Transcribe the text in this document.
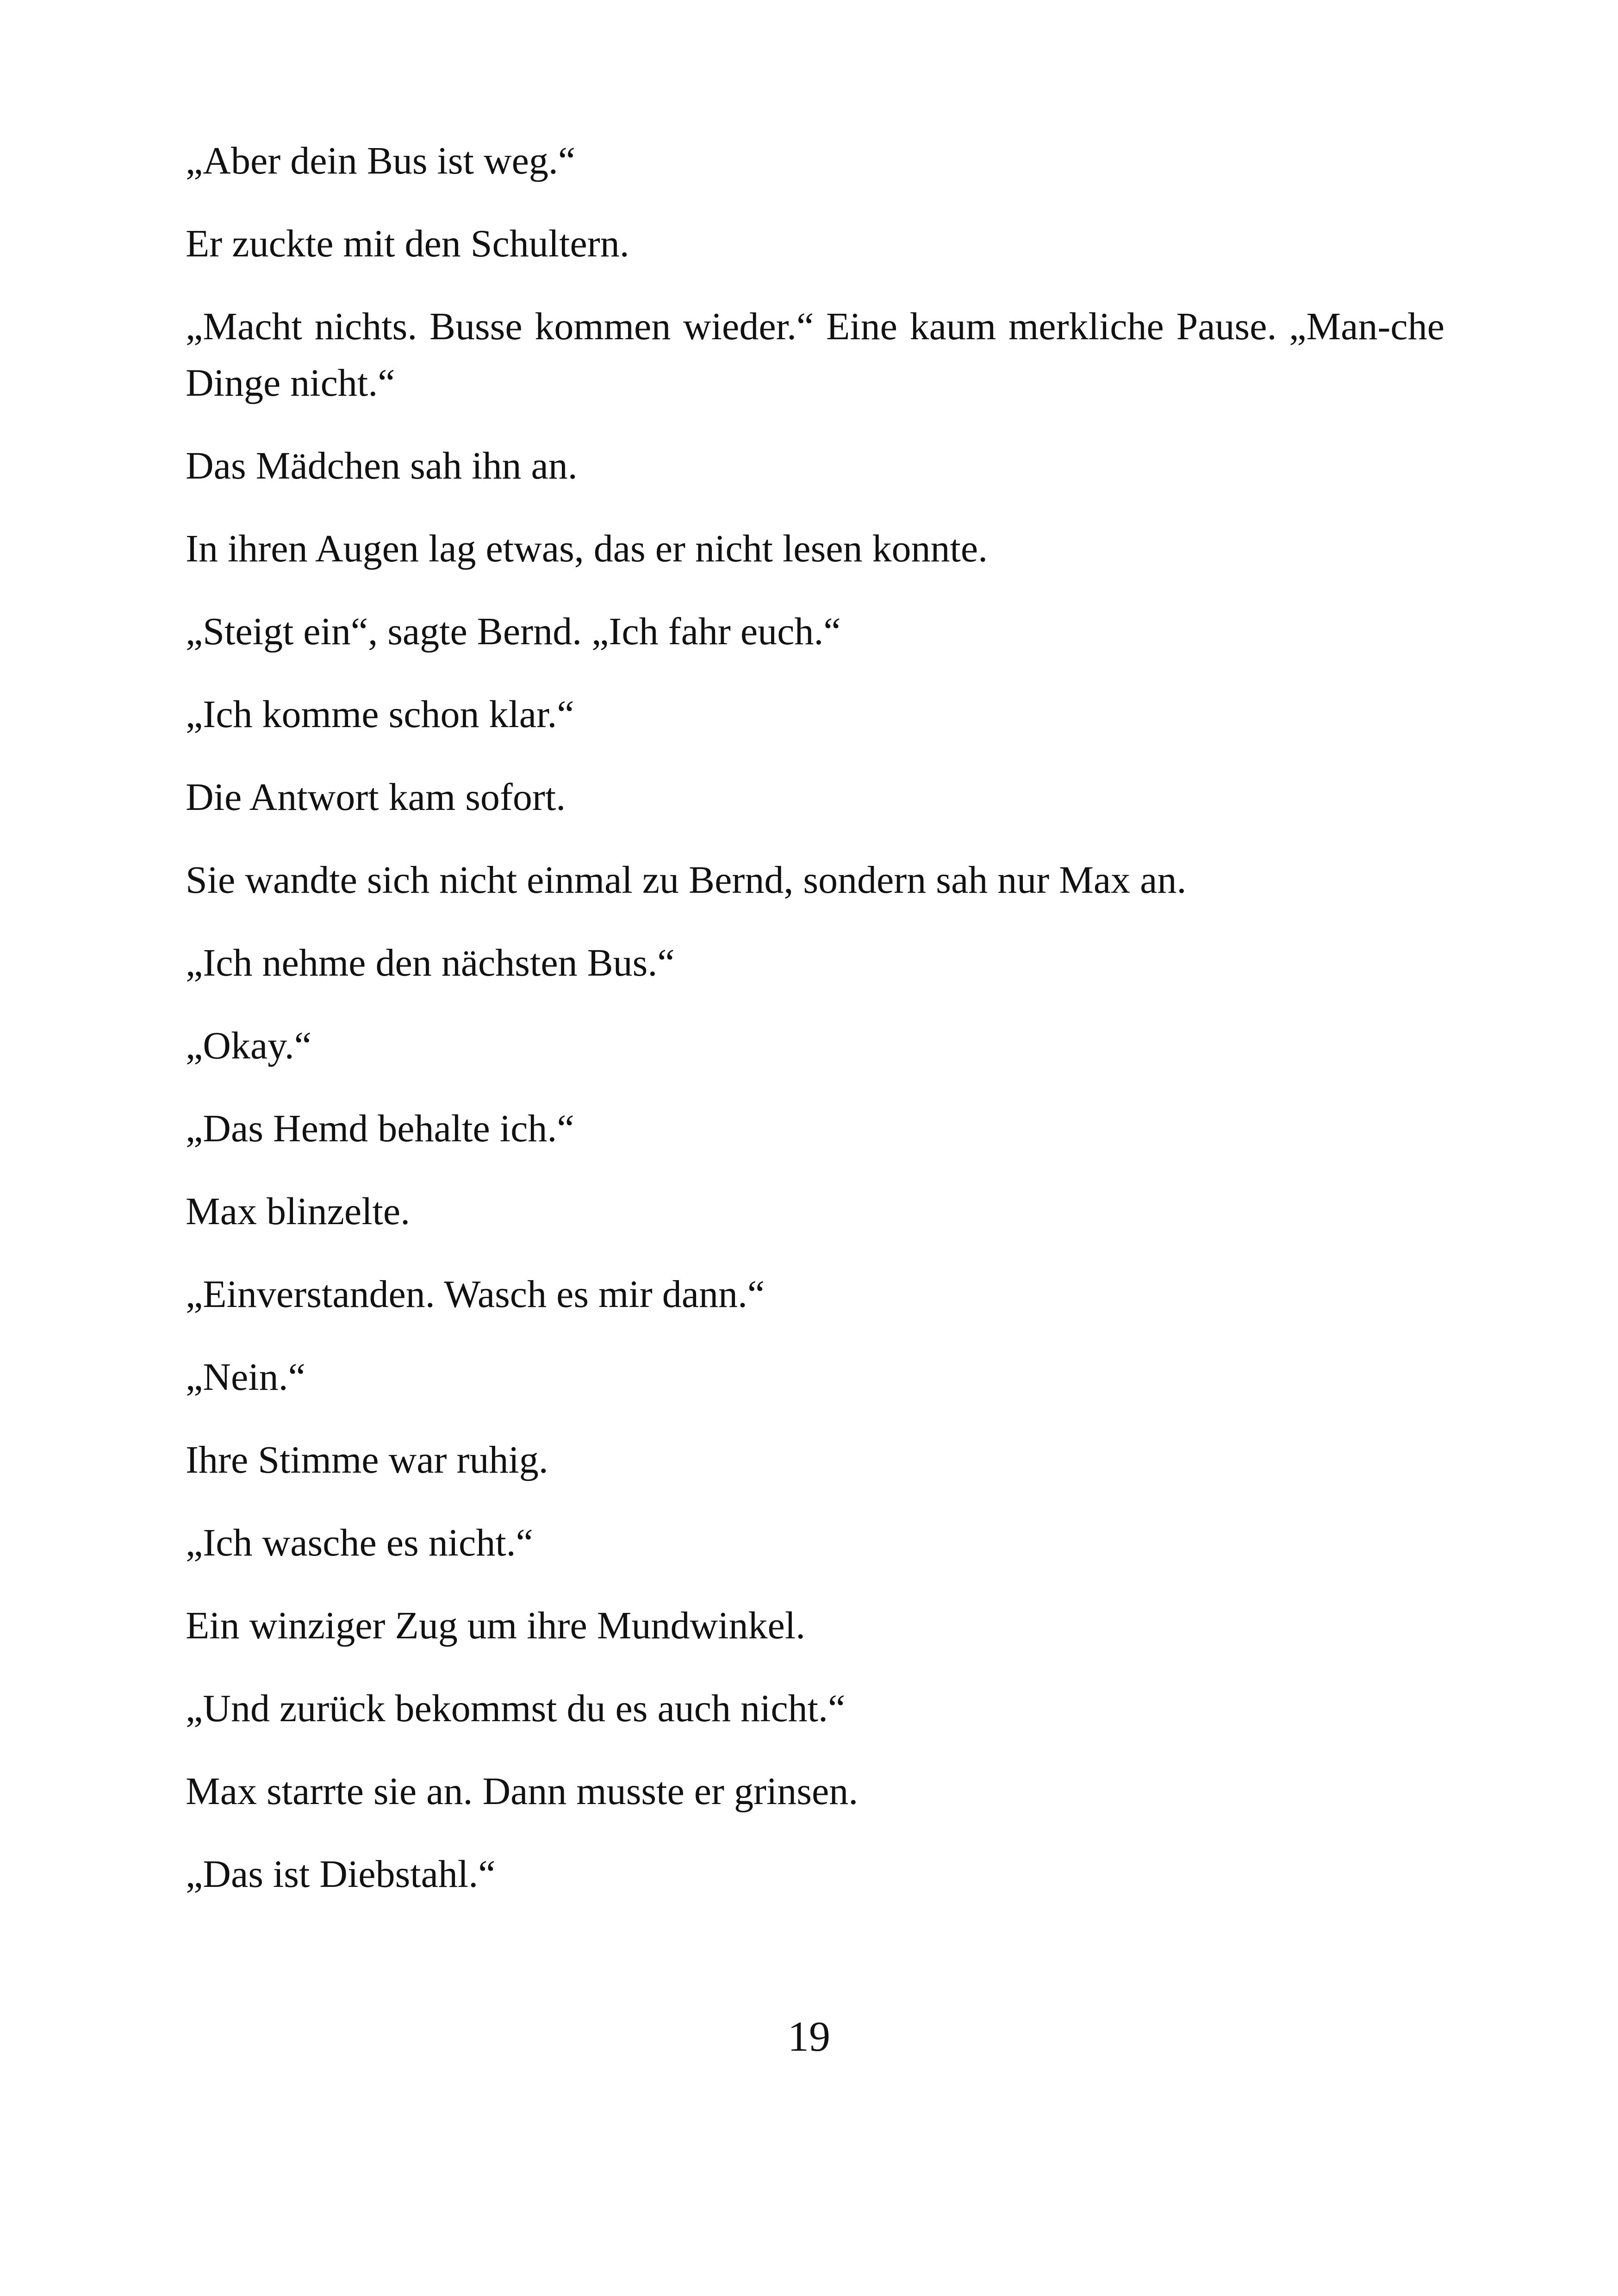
„Aber dein Bus ist weg.“

Er zuckte mit den Schultern.

„Macht nichts. Busse kommen wieder.“ Eine kaum merkliche Pause. „Man-che Dinge nicht.“

Das Mädchen sah ihn an.

In ihren Augen lag etwas, das er nicht lesen konnte.

„Steigt ein“, sagte Bernd. „Ich fahr euch.“

„Ich komme schon klar.“

Die Antwort kam sofort.

Sie wandte sich nicht einmal zu Bernd, sondern sah nur Max an.

„Ich nehme den nächsten Bus.“

„Okay.“

„Das Hemd behalte ich.“

Max blinzelte.

„Einverstanden. Wasch es mir dann.“

„Nein.“

Ihre Stimme war ruhig.

„Ich wasche es nicht.“

Ein winziger Zug um ihre Mundwinkel.

„Und zurück bekommst du es auch nicht.“

Max starrte sie an. Dann musste er grinsen.

„Das ist Diebstahl.“

19
